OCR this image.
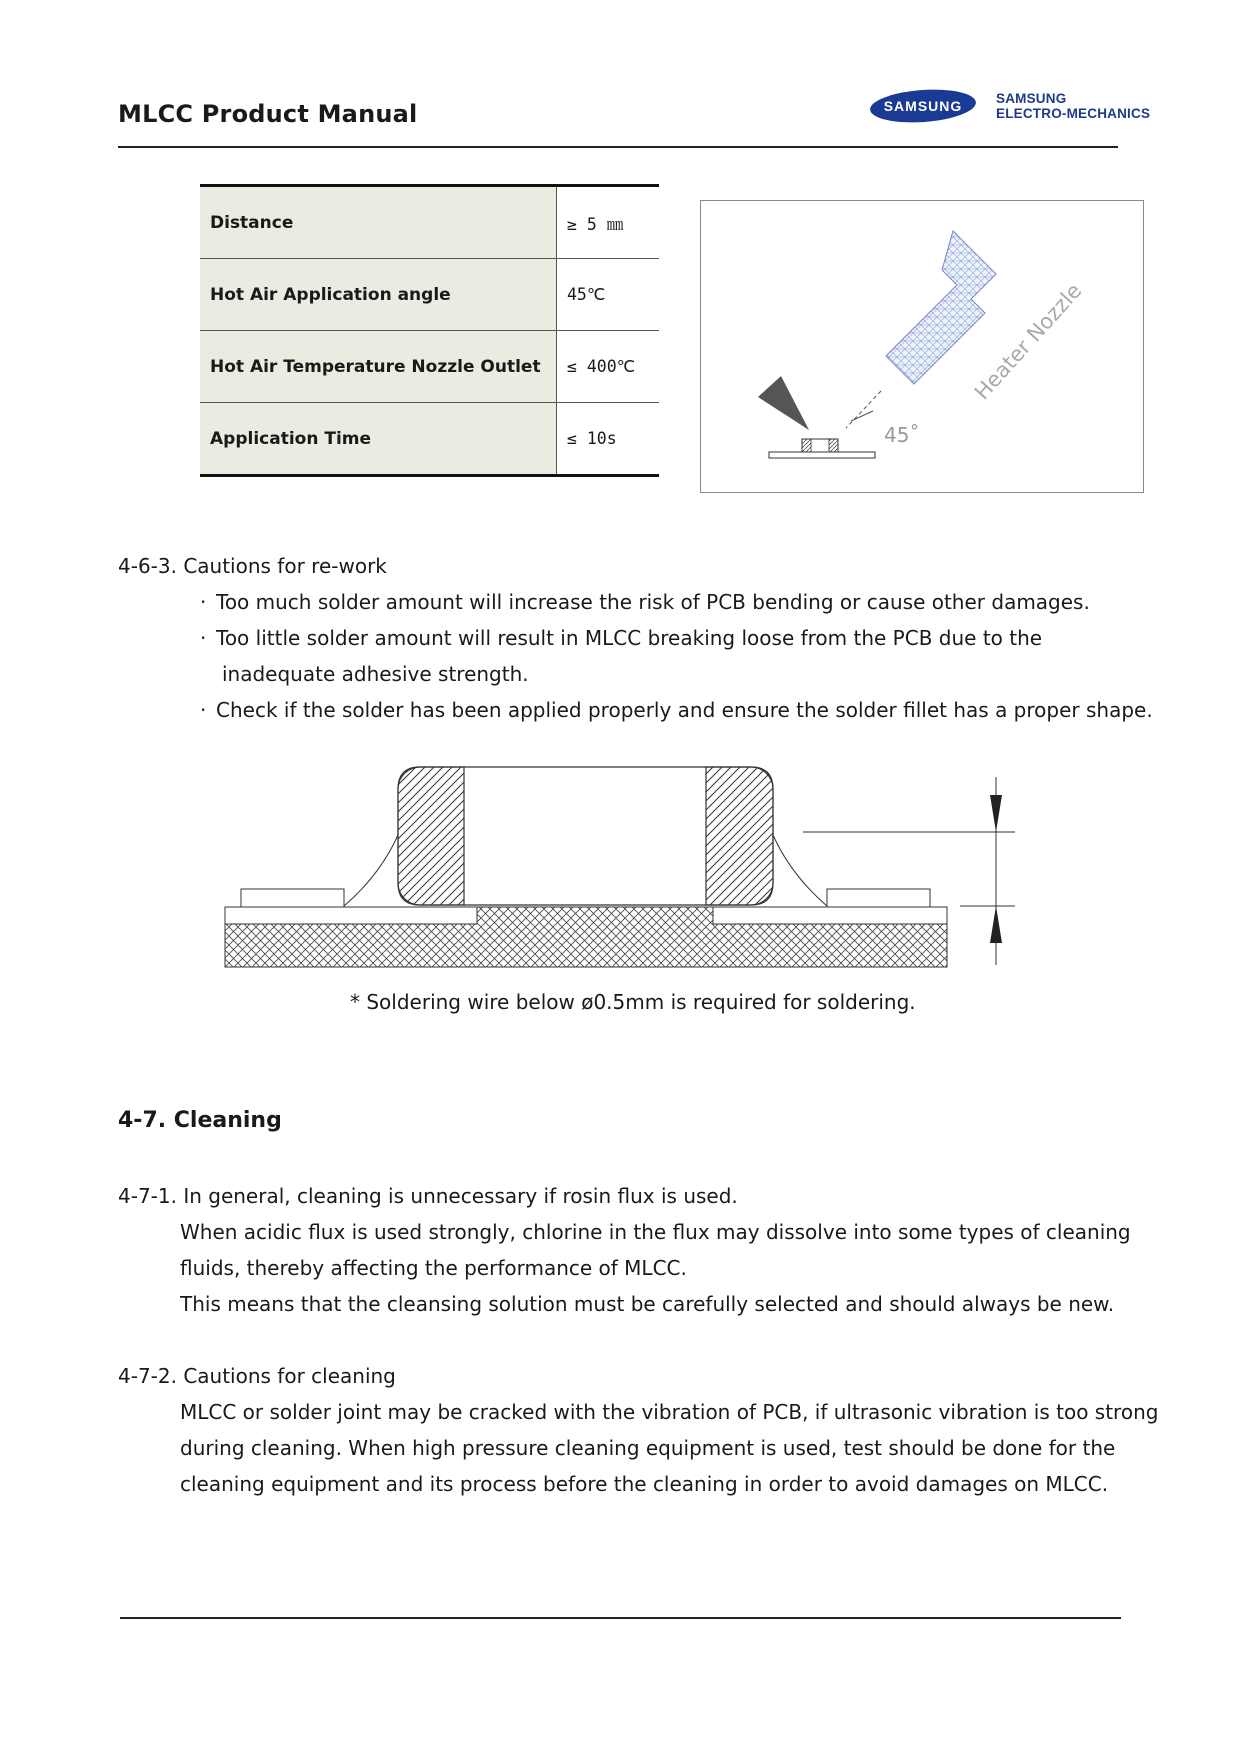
MLCC Product Manual	SAMSUNG SAMSUNG
ELECTRO-MECHANICS
Distance	≥ 5 ㎜
Hot Air Application angle	45℃
Hot Air Temperature Nozzle Outlet	≤ 400℃
Application Time	≤ 10s	45˚
Heater Nozzle
4-6-3. Cautions for re-work
· Too much solder amount will increase the risk of PCB bending or cause other damages.
· Too little solder amount will result in MLCC breaking loose from the PCB due to the
inadequate adhesive strength.
· Check if the solder has been applied properly and ensure the solder fillet has a proper shape.
* Soldering wire below ø0.5mm is required for soldering.
4-7. Cleaning
4-7-1. In general, cleaning is unnecessary if rosin flux is used.
When acidic flux is used strongly, chlorine in the flux may dissolve into some types of cleaning
fluids, thereby affecting the performance of MLCC.
This means that the cleansing solution must be carefully selected and should always be new.
4-7-2. Cautions for cleaning
MLCC or solder joint may be cracked with the vibration of PCB, if ultrasonic vibration is too strong
during cleaning. When high pressure cleaning equipment is used, test should be done for the
cleaning equipment and its process before the cleaning in order to avoid damages on MLCC.
